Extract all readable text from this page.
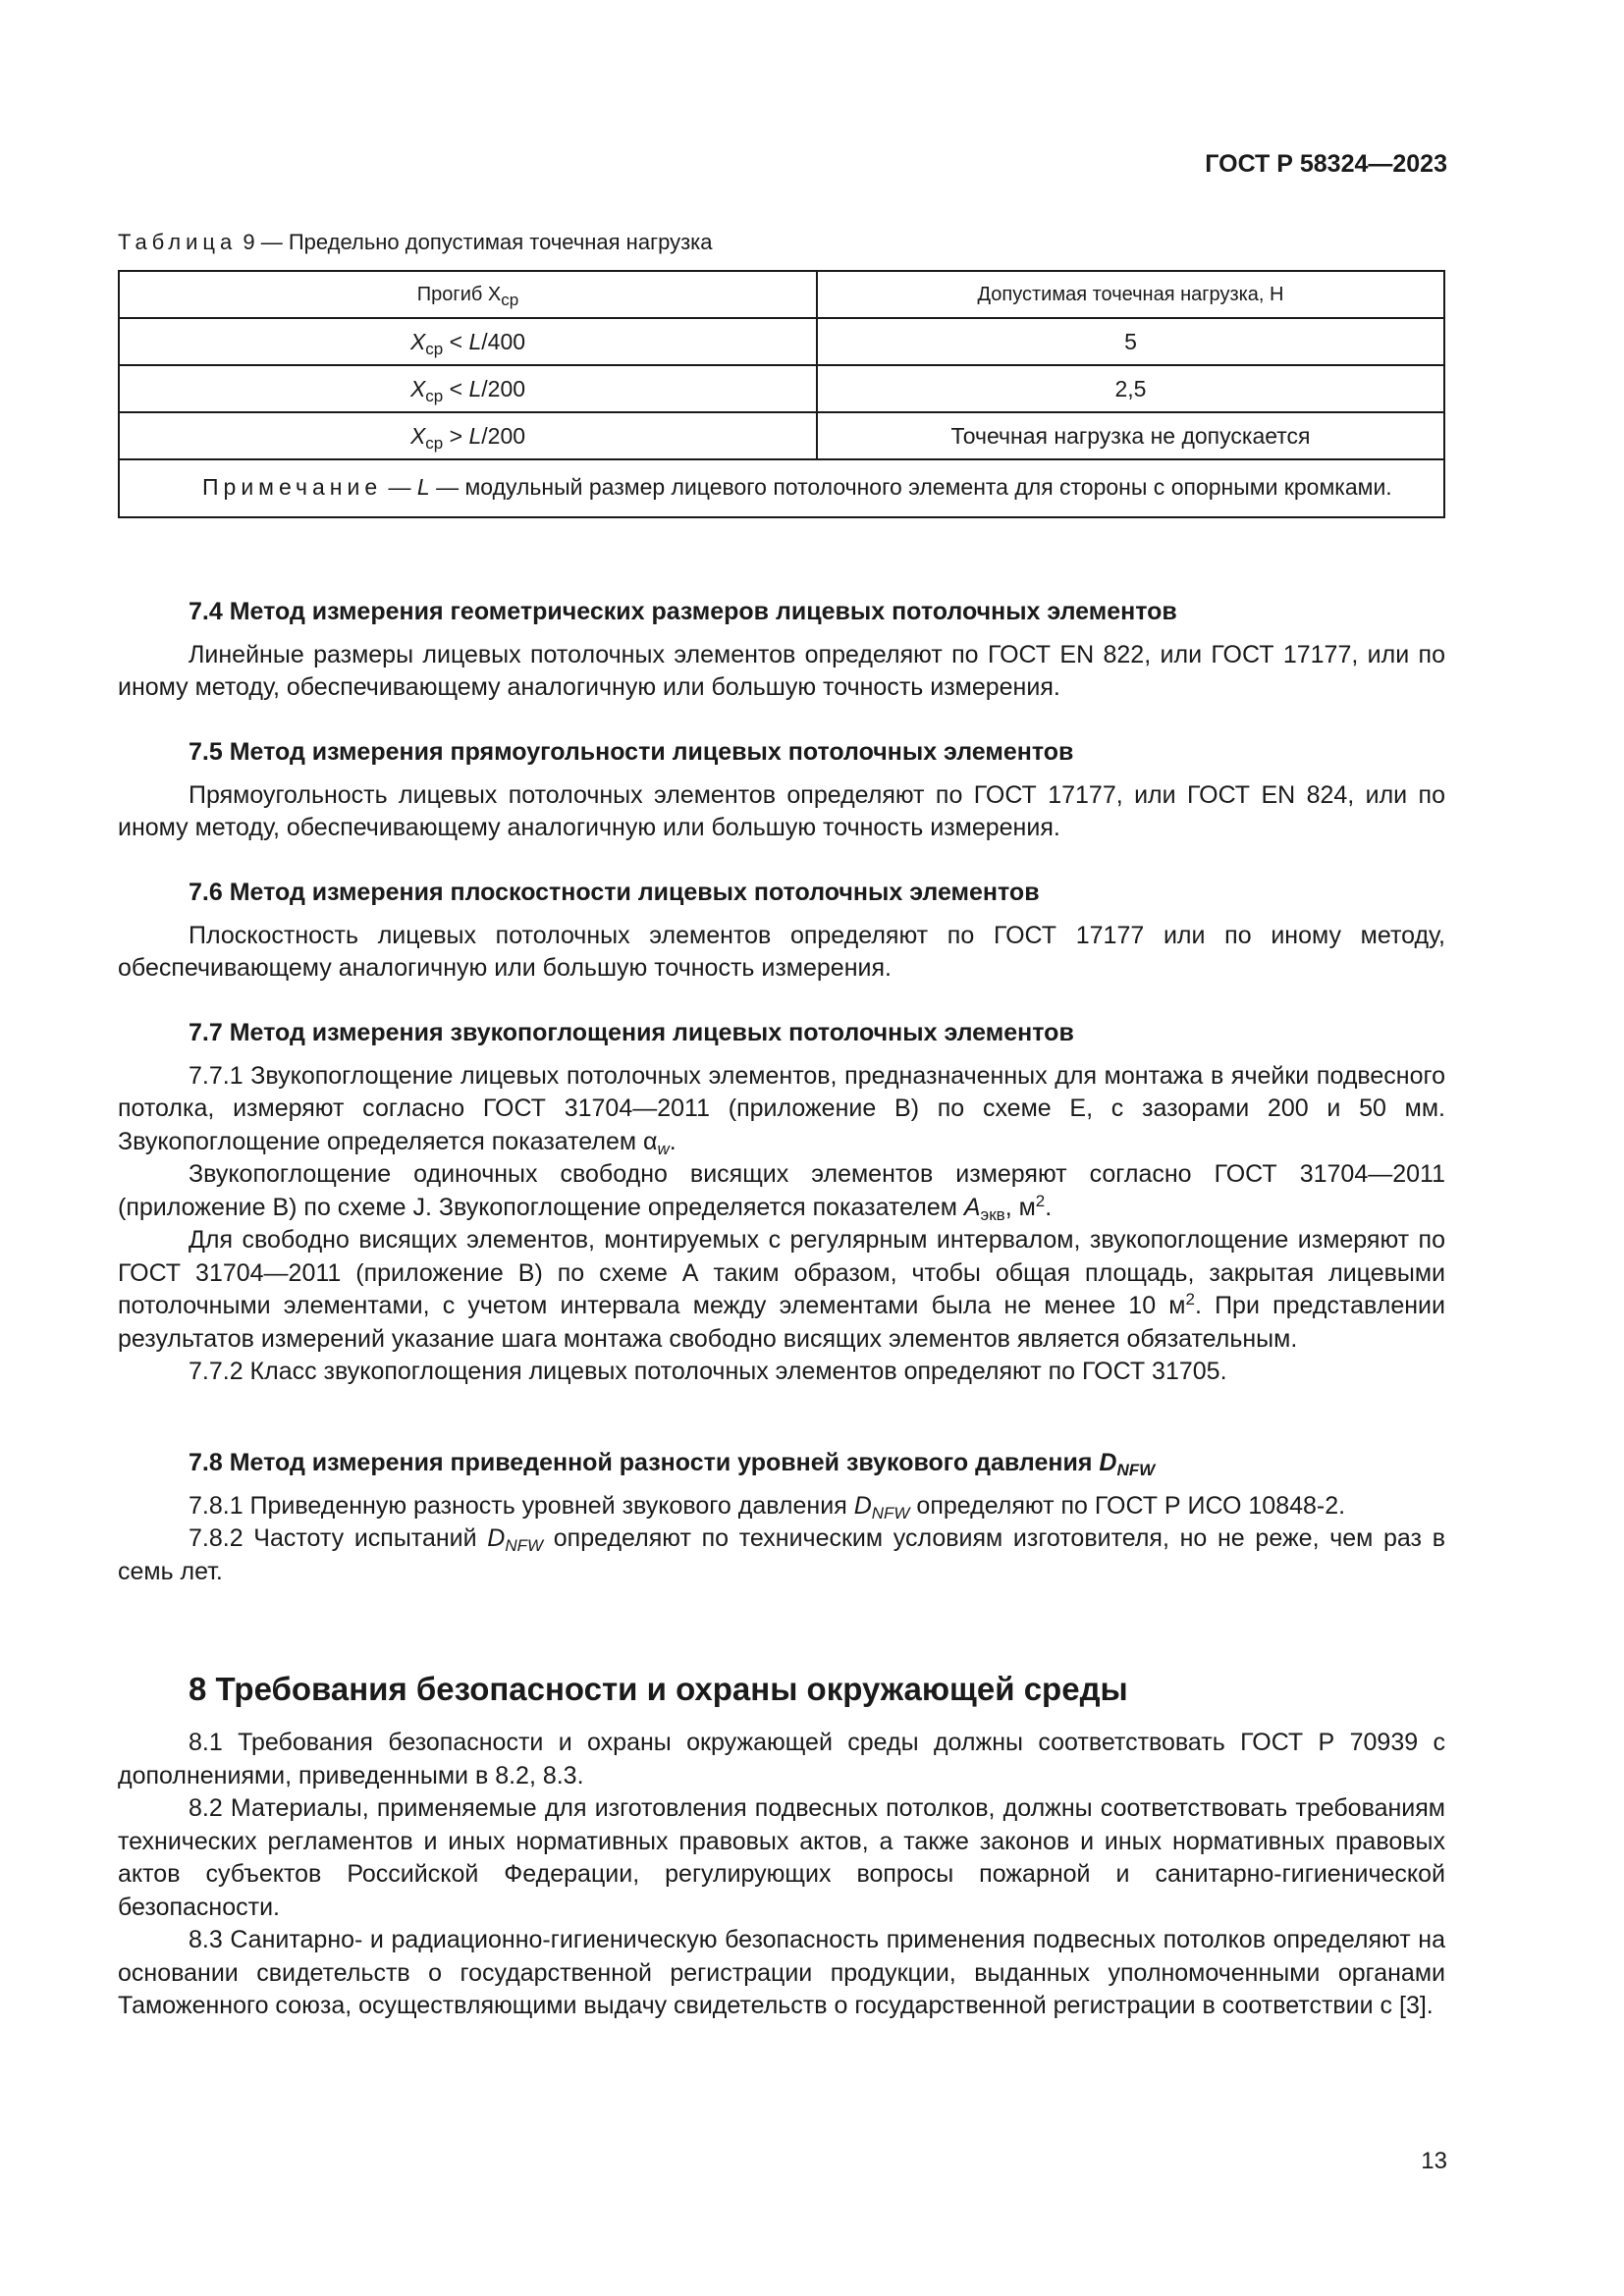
ГОСТ Р 58324—2023
Таблица 9 — Предельно допустимая точечная нагрузка
Прогиб $X_{ср}$	Допустимая точечная нагрузка, Н
$X_{ср} < L/400$	5
$X_{ср} < L/200$	2,5
$X_{ср} > L/200$	Точечная нагрузка не допускается
Примечание — L — модульный размер лицевого потолочного элемента для стороны с опорными кромками.	
7.4 Метод измерения геометрических размеров лицевых потолочных элементов

Линейные размеры лицевых потолочных элементов определяют по ГОСТ EN 822, или ГОСТ 17177, или по иному методу, обеспечивающему аналогичную или большую точность измерения.

7.5 Метод измерения прямоугольности лицевых потолочных элементов

Прямоугольность лицевых потолочных элементов определяют по ГОСТ 17177, или ГОСТ EN 824, или по иному методу, обеспечивающему аналогичную или большую точность измерения.

7.6 Метод измерения плоскостности лицевых потолочных элементов

Плоскостность лицевых потолочных элементов определяют по ГОСТ 17177 или по иному методу, обеспечивающему аналогичную или большую точность измерения.

7.7 Метод измерения звукопоглощения лицевых потолочных элементов

7.7.1 Звукопоглощение лицевых потолочных элементов, предназначенных для монтажа в ячейки подвесного потолка, измеряют согласно ГОСТ 31704—2011 (приложение В) по схеме Е, с зазорами 200 и 50 мм. Звукопоглощение определяется показателем $\alpha_w$.

Звукопоглощение одиночных свободно висящих элементов измеряют согласно ГОСТ 31704—2011 (приложение В) по схеме J. Звукопоглощение определяется показателем $A_{экв}$, $м^2$.

Для свободно висящих элементов, монтируемых с регулярным интервалом, звукопоглощение измеряют по ГОСТ 31704—2011 (приложение В) по схеме А таким образом, чтобы общая площадь, закрытая лицевыми потолочными элементами, с учетом интервала между элементами была не менее 10 $м^2$. При представлении результатов измерений указание шага монтажа свободно висящих элементов является обязательным.

7.7.2 Класс звукопоглощения лицевых потолочных элементов определяют по ГОСТ 31705.

7.8 Метод измерения приведенной разности уровней звукового давления $D_{NFW}$

7.8.1 Приведенную разность уровней звукового давления $D_{NFW}$ определяют по ГОСТ Р ИСО 10848-2.

7.8.2 Частоту испытаний $D_{NFW}$ определяют по техническим условиям изготовителя, но не реже, чем раз в семь лет.

8 Требования безопасности и охраны окружающей среды

8.1 Требования безопасности и охраны окружающей среды должны соответствовать ГОСТ Р 70939 с дополнениями, приведенными в 8.2, 8.3.

8.2 Материалы, применяемые для изготовления подвесных потолков, должны соответствовать требованиям технических регламентов и иных нормативных правовых актов, а также законов и иных нормативных правовых актов субъектов Российской Федерации, регулирующих вопросы пожарной и санитарно-гигиенической безопасности.

8.3 Санитарно- и радиационно-гигиеническую безопасность применения подвесных потолков определяют на основании свидетельств о государственной регистрации продукции, выданных уполномоченными органами Таможенного союза, осуществляющими выдачу свидетельств о государственной регистрации в соответствии с [3].

13
